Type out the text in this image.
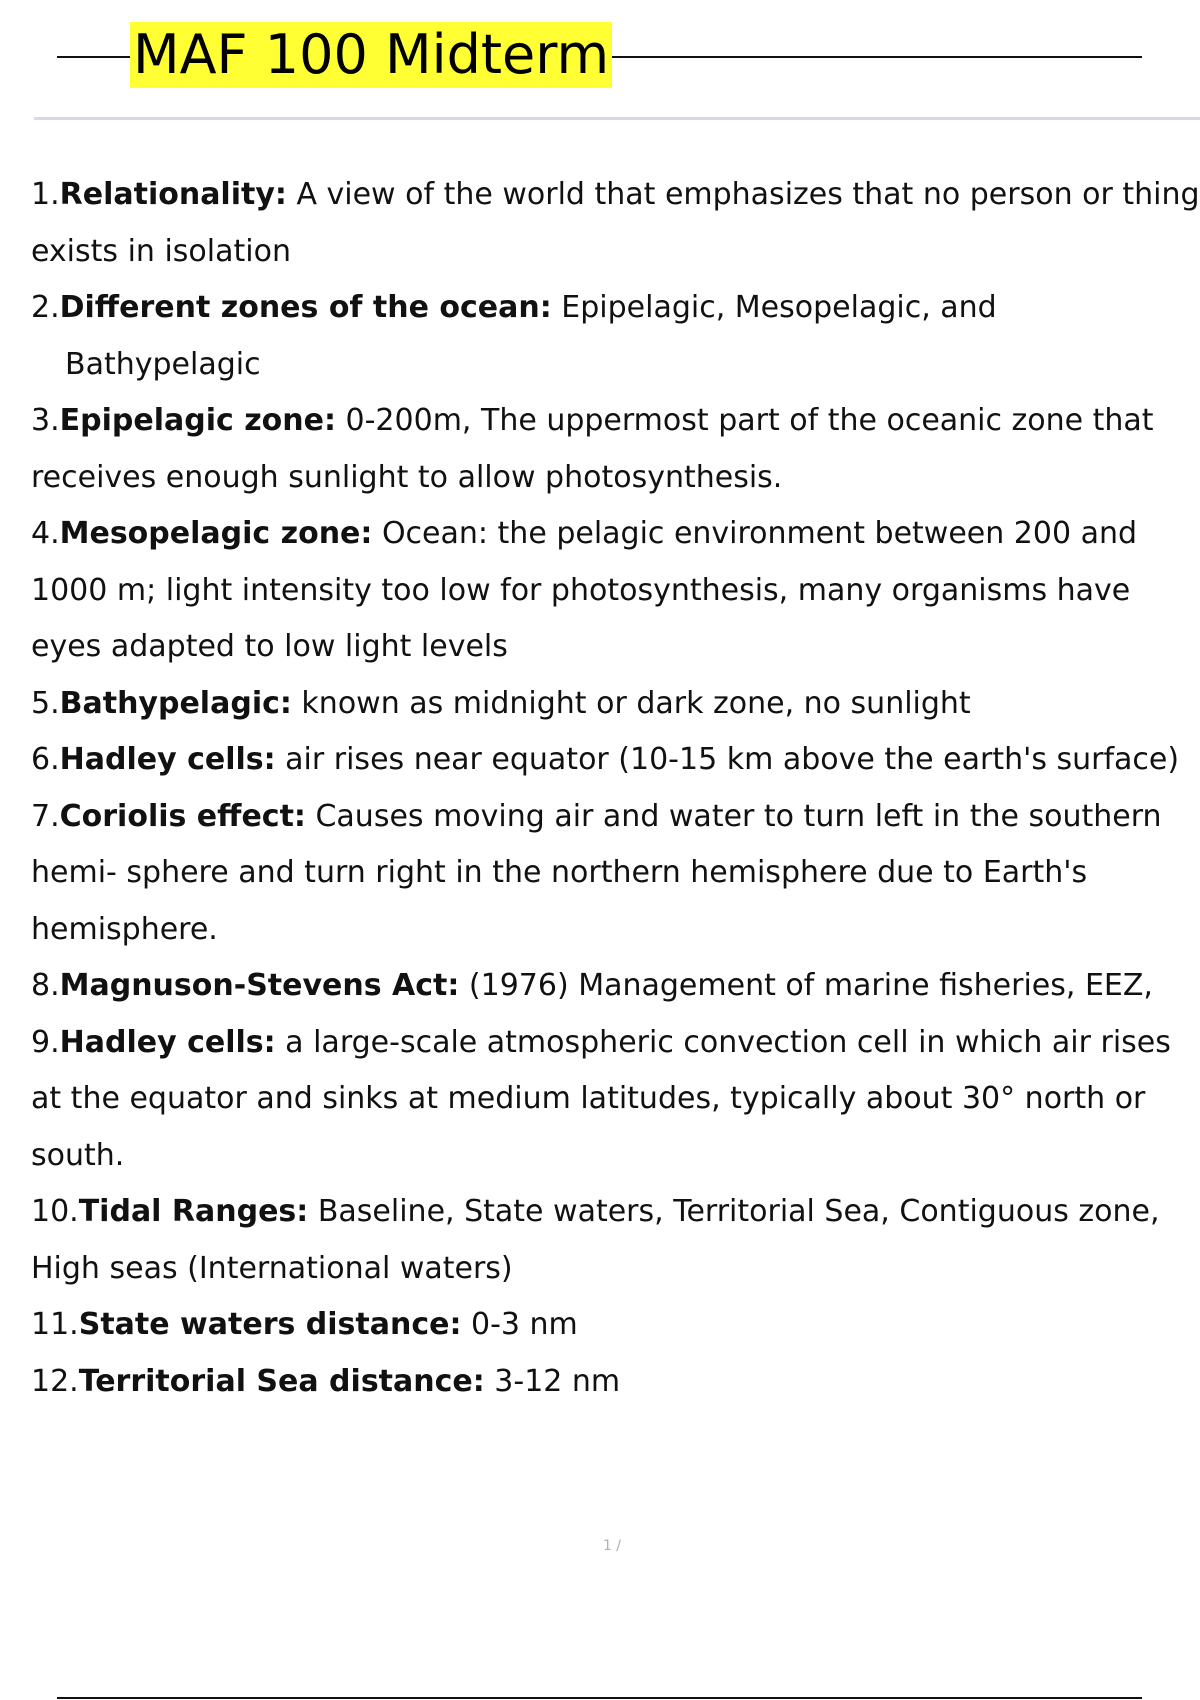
MAF 100 Midterm
1.Relationality: A view of the world that emphasizes that no person or thing exists in isolation
2.Different zones of the ocean: Epipelagic, Mesopelagic, and Bathypelagic
3.Epipelagic zone: 0-200m, The uppermost part of the oceanic zone that receives enough sunlight to allow photosynthesis.
4.Mesopelagic zone: Ocean: the pelagic environment between 200 and 1000 m; light intensity too low for photosynthesis, many organisms have eyes adapted to low light levels
5.Bathypelagic: known as midnight or dark zone, no sunlight
6.Hadley cells: air rises near equator (10-15 km above the earth's surface)
7.Coriolis effect: Causes moving air and water to turn left in the southern hemi- sphere and turn right in the northern hemisphere due to Earth's hemisphere.
8.Magnuson-Stevens Act: (1976) Management of marine fisheries, EEZ,
9.Hadley cells: a large-scale atmospheric convection cell in which air rises at the equator and sinks at medium latitudes, typically about 30° north or south.
10.Tidal Ranges: Baseline, State waters, Territorial Sea, Contiguous zone, High seas (International waters)
11.State waters distance: 0-3 nm
12.Territorial Sea distance: 3-12 nm
1 /
